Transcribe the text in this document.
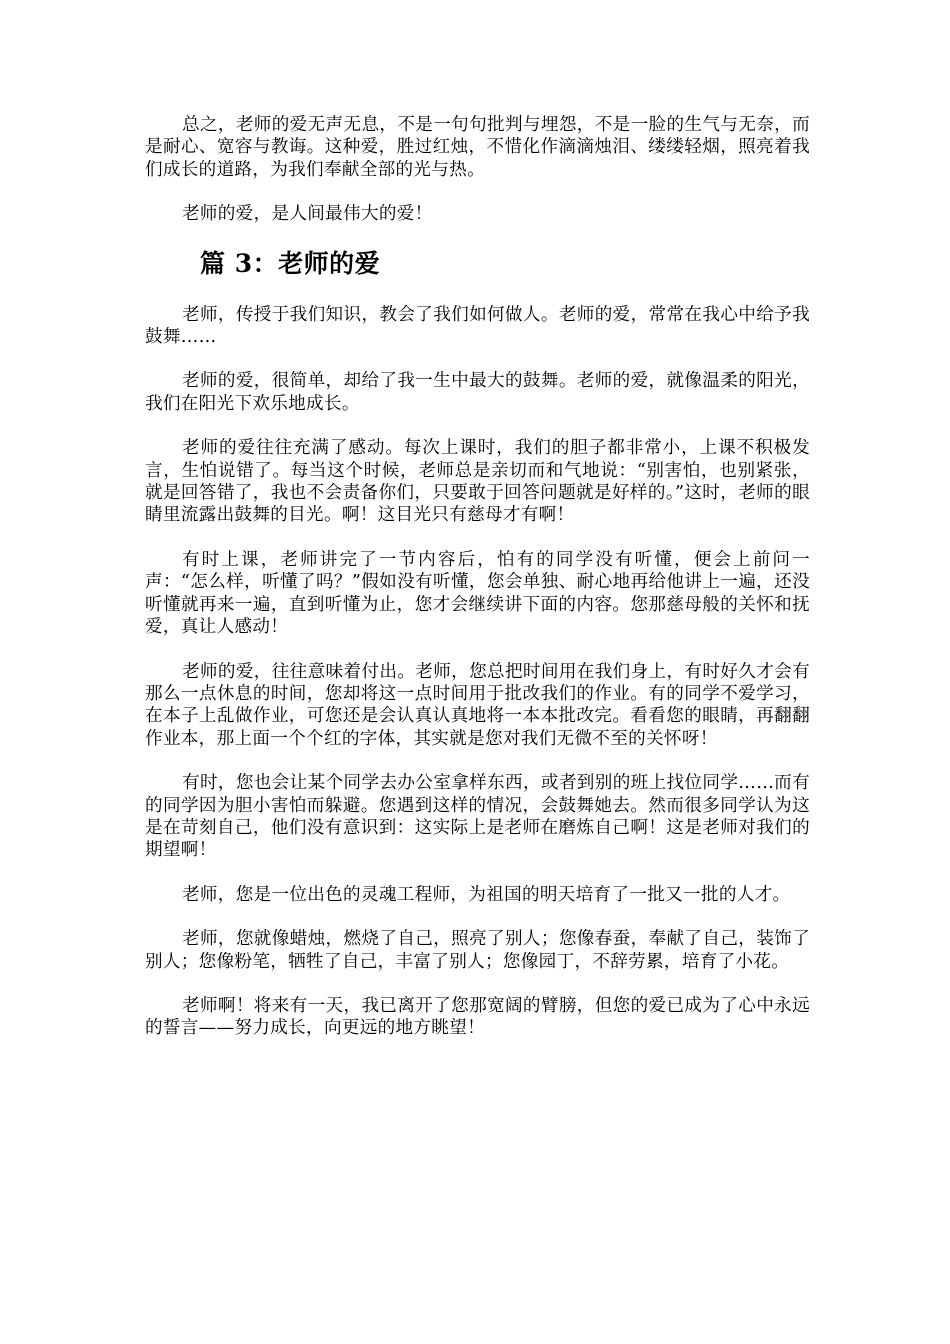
总之，老师的爱无声无息，不是一句句批判与埋怨，不是一脸的生气与无奈，而是耐心、宽容与教诲。这种爱，胜过红烛，不惜化作滴滴烛泪、缕缕轻烟，照亮着我们成长的道路，为我们奉献全部的光与热。

老师的爱，是人间最伟大的爱！

篇 3：老师的爱

老师，传授于我们知识，教会了我们如何做人。老师的爱，常常在我心中给予我鼓舞……

老师的爱，很简单，却给了我一生中最大的鼓舞。老师的爱，就像温柔的阳光，我们在阳光下欢乐地成长。

老师的爱往往充满了感动。每次上课时，我们的胆子都非常小，上课不积极发言，生怕说错了。每当这个时候，老师总是亲切而和气地说：“别害怕，也别紧张，就是回答错了，我也不会责备你们，只要敢于回答问题就是好样的。”这时，老师的眼睛里流露出鼓舞的目光。啊！这目光只有慈母才有啊！

有时上课，老师讲完了一节内容后，怕有的同学没有听懂，便会上前问一声：“怎么样，听懂了吗？”假如没有听懂，您会单独、耐心地再给他讲上一遍，还没听懂就再来一遍，直到听懂为止，您才会继续讲下面的内容。您那慈母般的关怀和抚爱，真让人感动！

老师的爱，往往意味着付出。老师，您总把时间用在我们身上，有时好久才会有那么一点休息的时间，您却将这一点时间用于批改我们的作业。有的同学不爱学习，在本子上乱做作业，可您还是会认真认真地将一本本批改完。看看您的眼睛，再翻翻作业本，那上面一个个红的字体，其实就是您对我们无微不至的关怀呀！

有时，您也会让某个同学去办公室拿样东西，或者到别的班上找位同学……而有的同学因为胆小害怕而躲避。您遇到这样的情况，会鼓舞她去。然而很多同学认为这是在苛刻自己，他们没有意识到：这实际上是老师在磨炼自己啊！这是老师对我们的期望啊！

老师，您是一位出色的灵魂工程师，为祖国的明天培育了一批又一批的人才。

老师，您就像蜡烛，燃烧了自己，照亮了别人；您像春蚕，奉献了自己，装饰了别人；您像粉笔，牺牲了自己，丰富了别人；您像园丁，不辞劳累，培育了小花。

老师啊！将来有一天，我已离开了您那宽阔的臂膀，但您的爱已成为了心中永远的誓言——努力成长，向更远的地方眺望！
